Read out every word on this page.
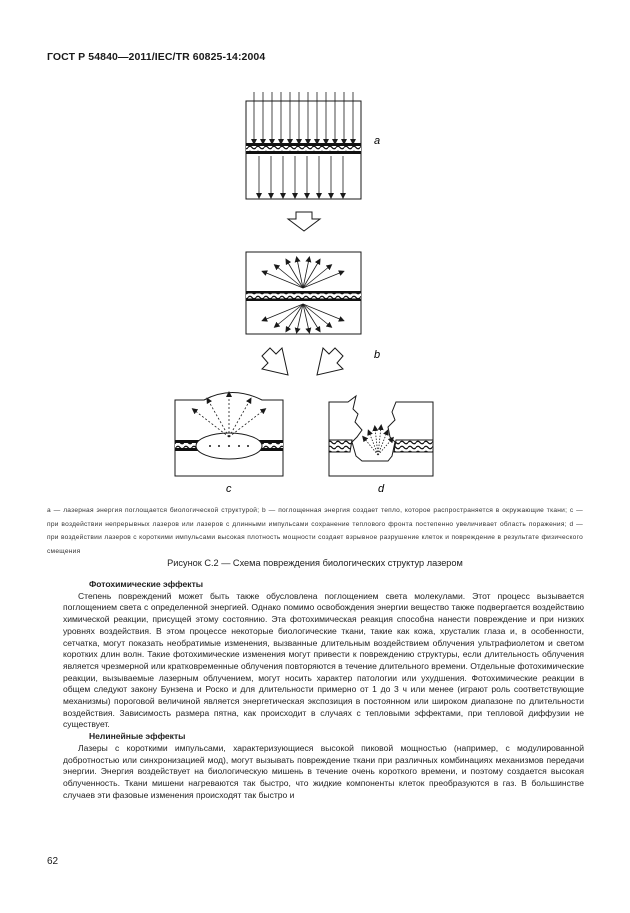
ГОСТ Р 54840—2011/IEC/TR 60825-14:2004
a
b
c	d
a — лазерная энергия поглощается биологической структурой; b — поглощенная энергия создает тепло, которое распространяется в окружающие ткани; c — при воздействии непрерывных лазеров или лазеров с длинными импульсами сохранение теплового фронта постепенно увеличивает область поражения; d — при воздействии лазеров с короткими импульсами высокая плотность мощности создает взрывное разрушение клеток и повреждение в результате физического смещения
Рисунок С.2 — Схема повреждения биологических структур лазером
Фотохимические эффекты

Степень повреждений может быть также обусловлена поглощением света молекулами. Этот процесс вызывается поглощением света с определенной энергией. Однако помимо освобождения энергии вещество также подвергается воздействию химической реакции, присущей этому состоянию. Эта фотохимическая реакция способна нанести повреждение и при низких уровнях воздействия. В этом процессе некоторые биологические ткани, такие как кожа, хрусталик глаза и, в особенности, сетчатка, могут показать необратимые изменения, вызванные длительным воздействием облучения ультрафиолетом и светом коротких длин волн. Такие фотохимические изменения могут привести к повреждению структуры, если длительность облучения является чрезмерной или кратковременные облучения повторяются в течение длительного времени. Отдельные фотохимические реакции, вызываемые лазерным облучением, могут носить характер патологии или ухудшения. Фотохимические реакции в общем следуют закону Бунзена и Роско и для длительности примерно от 1 до 3 ч или менее (играют роль соответствующие механизмы) пороговой величиной является энергетическая экспозиция в постоянном или широком диапазоне по длительности воздействия. Зависимость размера пятна, как происходит в случаях с тепловыми эффектами, при тепловой диффузии не существует.

Нелинейные эффекты

Лазеры с короткими импульсами, характеризующиеся высокой пиковой мощностью (например, с модулированной добротностью или синхронизацией мод), могут вызывать повреждение ткани при различных комбинациях механизмов передачи энергии. Энергия воздействует на биологическую мишень в течение очень короткого времени, и поэтому создается высокая облученность. Ткани мишени нагреваются так быстро, что жидкие компоненты клеток преобразуются в газ. В большинстве случаев эти фазовые изменения происходят так быстро и

62
